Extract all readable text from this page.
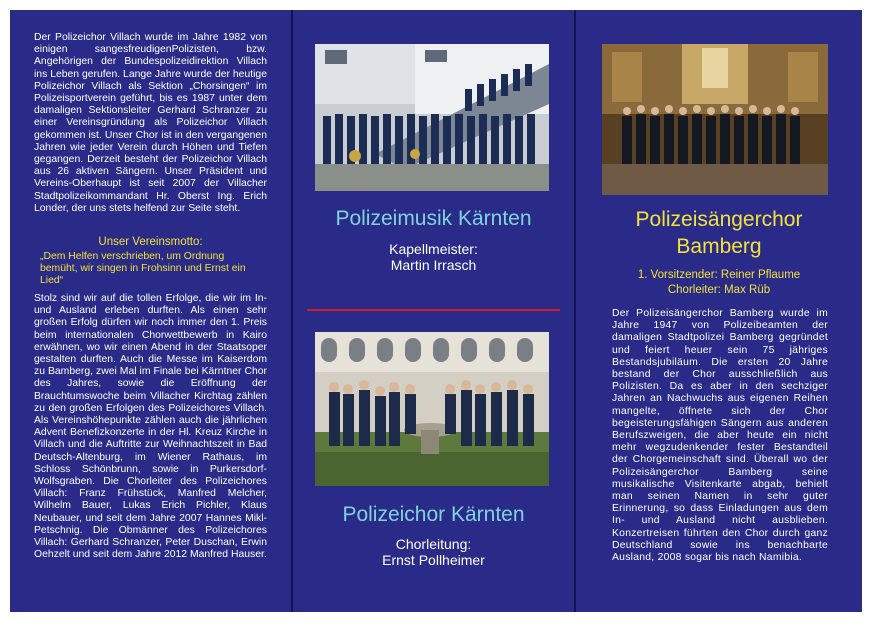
Der Polizeichor Villach wurde im Jahre 1982 von einigen sangesfreudigenPolizisten, bzw. Angehörigen der Bundespolizeidirektion Villach ins Leben gerufen. Lange Jahre wurde der heutige Polizeichor Villach als Sektion „Chorsingen“ im Polizeisportverein geführt, bis es 1987 unter dem damaligen Sektionsleiter Gerhard Schranzer zu einer Vereinsgründung als Polizeichor Villach gekommen ist. Unser Chor ist in den vergangenen Jahren wie jeder Verein durch Höhen und Tiefen gegangen. Derzeit besteht der Polizeichor Villach aus 26 aktiven Sängern. Unser Präsident und Vereins-Oberhaupt ist seit 2007 der Villacher Stadtpolizeikommandant Hr. Oberst Ing. Erich Londer, der uns stets helfend zur Seite steht.

Unser Vereinsmotto:

„Dem Helfen verschrieben, um Ordnung bemüht, wir singen in Frohsinn und Ernst ein Lied“

Stolz sind wir auf die tollen Erfolge, die wir im In- und Ausland erleben durften. Als einen sehr großen Erfolg dürfen wir noch immer den 1. Preis beim internationalen Chorwettbewerb in Kairo erwähnen, wo wir einen Abend in der Staatsoper gestalten durften. Auch die Messe im Kaiserdom zu Bamberg, zwei Mal im Finale bei Kärntner Chor des Jahres, sowie die Eröffnung der Brauchtumswoche beim Villacher Kirchtag zählen zu den großen Erfolgen des Polizeichores Villach. Als Vereinshöhepunkte zählen auch die jährlichen Advent Benefizkonzerte in der Hl. Kreuz Kirche in Villach und die Auftritte zur Weihnachtszeit in Bad Deutsch-Altenburg, im Wiener Rathaus, im Schloss Schönbrunn, sowie in Purkersdorf-Wolfsgraben. Die Chorleiter des Polizeichores Villach: Franz Frühstück, Manfred Melcher, Wilhelm Bauer, Lukas Erich Pichler, Klaus Neubauer, und seit dem Jahre 2007 Hannes Mikl-Petschnig. Die Obmänner des Polizeichores Villach: Gerhard Schranzer, Peter Duschan, Erwin Oehzelt und seit dem Jahre 2012 Manfred Hauser.

Polizeimusik Kärnten
Kapellmeister:
Martin Irrasch
Polizeichor Kärnten
Chorleitung:
Ernst Pollheimer
Polizeisängerchor
Bamberg
1. Vorsitzender: Reiner Pflaume
Chorleiter: Max Rüb

Der Polizeisängerchor Bamberg wurde im Jahre 1947 von Polizeibeamten der damaligen Stadtpolizei Bamberg gegründet und feiert heuer sein 75 jähriges Bestandsjubiläum. Die ersten 20 Jahre bestand der Chor ausschließlich aus Polizisten. Da es aber in den sechziger Jahren an Nachwuchs aus eigenen Reihen mangelte, öffnete sich der Chor begeisterungsfähigen Sängern aus anderen Berufszweigen, die aber heute ein nicht mehr wegzudenkender fester Bestandteil der Chorgemeinschaft sind. Überall wo der Polizeisängerchor Bamberg seine musikalische Visitenkarte abgab, behielt man seinen Namen in sehr guter Erinnerung, so dass Einladungen aus dem In- und Ausland nicht ausblieben. Konzertreisen führten den Chor durch ganz Deutschland sowie ins benachbarte Ausland, 2008 sogar bis nach Namibia.
